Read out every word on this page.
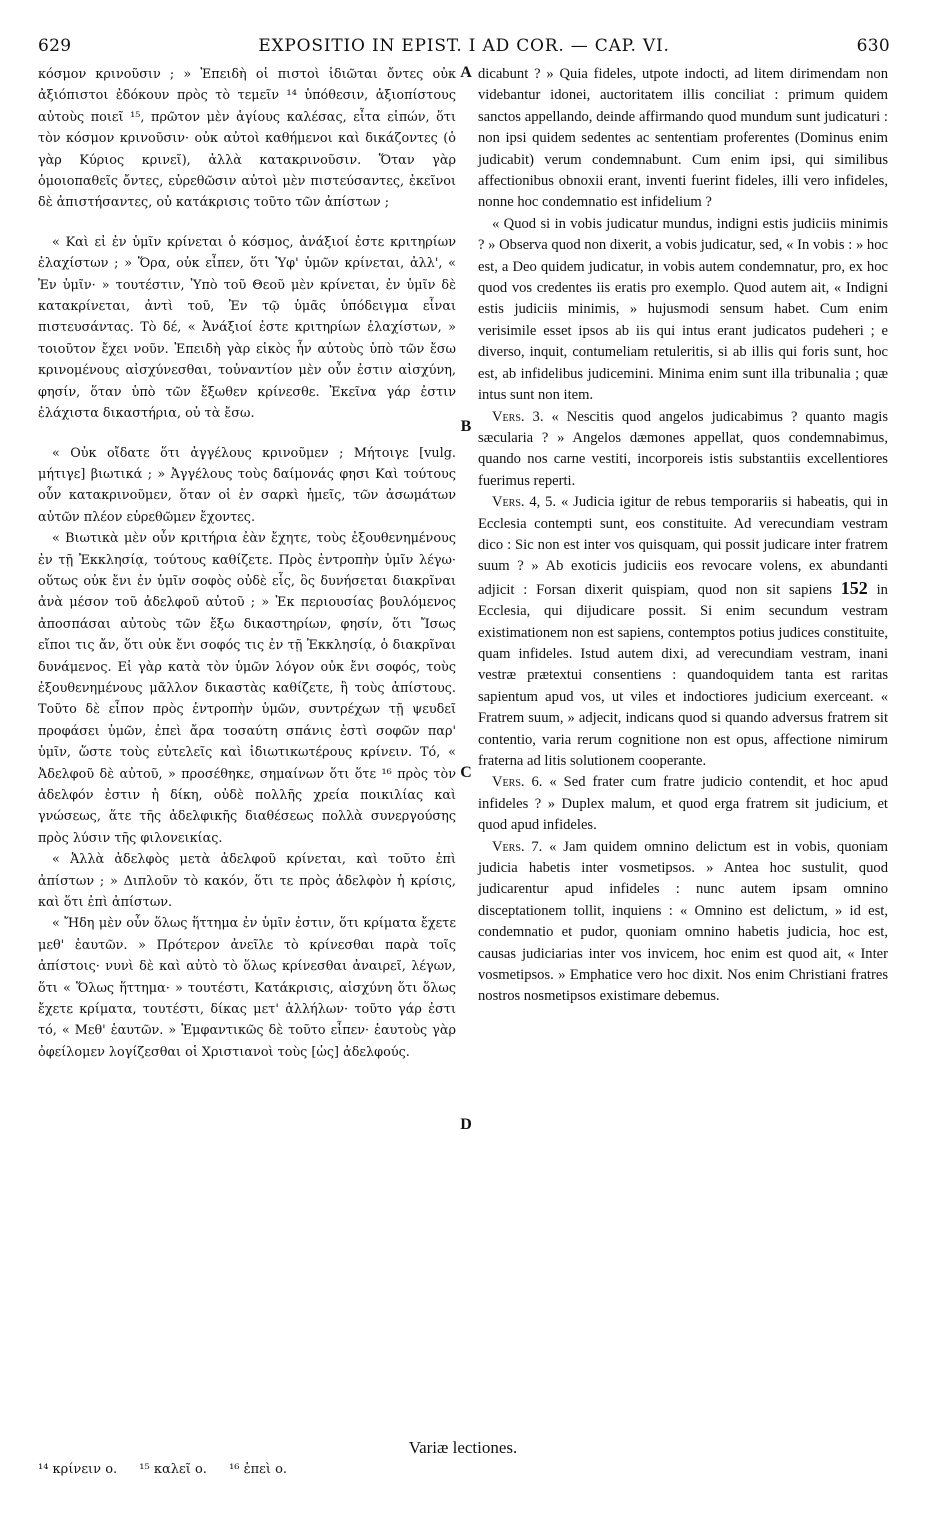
629	EXPOSITIO IN EPIST. I AD COR. — CAP. VI.	630

κόσμον κρινοῦσιν ; » Ἐπειδὴ οἱ πιστοὶ ἰδιῶται ὄντες οὐκ ἀξιόπιστοι ἐδόκουν πρὸς τὸ τεμεῖν ¹⁴ ὑπόθεσιν, ἀξιοπίστους αὐτοὺς ποιεῖ ¹⁵, πρῶτον μὲν ἁγίους καλέσας, εἶτα εἰπών, ὅτι τὸν κόσμον κρινοῦσιν· οὐκ αὐτοὶ καθήμενοι καὶ δικάζοντες (ὁ γὰρ Κύριος κρινεῖ), ἀλλὰ κατακρινοῦσιν. Ὅταν γὰρ ὁμοιοπαθεῖς ὄντες, εὑρεθῶσιν αὐτοὶ μὲν πιστεύσαντες, ἐκεῖνοι δὲ ἀπιστήσαντες, οὐ κατάκρισις τοῦτο τῶν ἀπίστων ;

« Καὶ εἰ ἐν ὑμῖν κρίνεται ὁ κόσμος, ἀνάξιοί ἐστε κριτηρίων ἐλαχίστων ; » Ὅρα, οὐκ εἶπεν, ὅτι Ὑφ' ὑμῶν κρίνεται, ἀλλ', « Ἐν ὑμῖν· » τουτέστιν, Ὑπὸ τοῦ Θεοῦ μὲν κρίνεται, ἐν ὑμῖν δὲ κατακρίνεται, ἀντὶ τοῦ, Ἐν τῷ ὑμᾶς ὑπόδειγμα εἶναι πιστευσάντας. Τὸ δέ, « Ἀνάξιοί ἐστε κριτηρίων ἐλαχίστων, » τοιοῦτον ἔχει νοῦν. Ἐπειδὴ γὰρ εἰκὸς ἦν αὐτοὺς ὑπὸ τῶν ἔσω κρινομένους αἰσχύνεσθαι, τοὐναντίον μὲν οὖν ἐστιν αἰσχύνη, φησίν, ὅταν ὑπὸ τῶν ἔξωθεν κρίνεσθε. Ἐκεῖνα γάρ ἐστιν ἐλάχιστα δικαστήρια, οὐ τὰ ἔσω.

« Οὐκ οἴδατε ὅτι ἀγγέλους κρινοῦμεν ; Μήτοιγε [vulg. μήτιγε] βιωτικά ; » Ἀγγέλους τοὺς δαίμονάς φησι Καὶ τούτους οὖν κατακρινοῦμεν, ὅταν οἱ ἐν σαρκὶ ἡμεῖς, τῶν ἀσωμάτων αὐτῶν πλέον εὑρεθῶμεν ἔχοντες.

« Βιωτικὰ μὲν οὖν κριτήρια ἐὰν ἔχητε, τοὺς ἐξουθενημένους ἐν τῇ Ἐκκλησίᾳ, τούτους καθίζετε. Πρὸς ἐντροπὴν ὑμῖν λέγω· οὕτως οὐκ ἔνι ἐν ὑμῖν σοφὸς οὐδὲ εἷς, ὃς δυνήσεται διακρῖναι ἀνὰ μέσον τοῦ ἀδελφοῦ αὐτοῦ ; » Ἐκ περιουσίας βουλόμενος ἀποσπάσαι αὐτοὺς τῶν ἔξω δικαστηρίων, φησίν, ὅτι Ἴσως εἴποι τις ἄν, ὅτι οὐκ ἔνι σοφός τις ἐν τῇ Ἐκκλησίᾳ, ὁ διακρῖναι δυνάμενος. Εἰ γὰρ κατὰ τὸν ὑμῶν λόγον οὐκ ἔνι σοφός, τοὺς ἐξουθενημένους μᾶλλον δικαστὰς καθίζετε, ἢ τοὺς ἀπίστους. Τοῦτο δὲ εἶπον πρὸς ἐντροπὴν ὑμῶν, συντρέχων τῇ ψευδεῖ προφάσει ὑμῶν, ἐπεὶ ἄρα τοσαύτη σπάνις ἐστὶ σοφῶν παρ' ὑμῖν, ὥστε τοὺς εὐτελεῖς καὶ ἰδιωτικωτέρους κρίνειν. Τό, « Ἀδελφοῦ δὲ αὐτοῦ, » προσέθηκε, σημαίνων ὅτι ὅτε ¹⁶ πρὸς τὸν ἀδελφόν ἐστιν ἡ δίκη, οὐδὲ πολλῆς χρεία ποικιλίας καὶ γνώσεως, ἅτε τῆς ἀδελφικῆς διαθέσεως πολλὰ συνεργούσης πρὸς λύσιν τῆς φιλονεικίας.

« Ἀλλὰ ἀδελφὸς μετὰ ἀδελφοῦ κρίνεται, καὶ τοῦτο ἐπὶ ἀπίστων ; » Διπλοῦν τὸ κακόν, ὅτι τε πρὸς ἀδελφὸν ἡ κρίσις, καὶ ὅτι ἐπὶ ἀπίστων.

« Ἤδη μὲν οὖν ὅλως ἥττημα ἐν ὑμῖν ἐστιν, ὅτι κρίματα ἔχετε μεθ' ἑαυτῶν. » Πρότερον ἀνεῖλε τὸ κρίνεσθαι παρὰ τοῖς ἀπίστοις· νυνὶ δὲ καὶ αὐτὸ τὸ ὅλως κρίνεσθαι ἀναιρεῖ, λέγων, ὅτι « Ὅλως ἥττημα· » τουτέστι, Κατάκρισις, αἰσχύνη ὅτι ὅλως ἔχετε κρίματα, τουτέστι, δίκας μετ' ἀλλήλων· τοῦτο γάρ ἐστι τό, « Μεθ' ἑαυτῶν. » Ἐμφαντικῶς δὲ τοῦτο εἶπεν· ἑαυτοὺς γὰρ ὀφείλομεν λογίζεσθαι οἱ Χριστιανοὶ τοὺς [ὡς] ἀδελφούς.

A
B
C
D

dicabunt ? » Quia fideles, utpote indocti, ad litem dirimendam non videbantur idonei, auctoritatem illis conciliat : primum quidem sanctos appellando, deinde affirmando quod mundum sunt judicaturi : non ipsi quidem sedentes ac sententiam proferentes (Dominus enim judicabit) verum condemnabunt. Cum enim ipsi, qui similibus affectionibus obnoxii erant, inventi fuerint fideles, illi vero infideles, nonne hoc condemnatio est infidelium ?

« Quod si in vobis judicatur mundus, indigni estis judiciis minimis ? » Observa quod non dixerit, a vobis judicatur, sed, « In vobis : » hoc est, a Deo quidem judicatur, in vobis autem condemnatur, pro, ex hoc quod vos credentes iis eratis pro exemplo. Quod autem ait, « Indigni estis judiciis minimis, » hujusmodi sensum habet. Cum enim verisimile esset ipsos ab iis qui intus erant judicatos pudeheri ; e diverso, inquit, contumeliam retuleritis, si ab illis qui foris sunt, hoc est, ab infidelibus judicemini. Minima enim sunt illa tribunalia ; quæ intus sunt non item.

Vers. 3. « Nescitis quod angelos judicabimus ? quanto magis sæcularia ? » Angelos dæmones appellat, quos condemnabimus, quando nos carne vestiti, incorporeis istis substantiis excellentiores fuerimus reperti.

Vers. 4, 5. « Judicia igitur de rebus temporariis si habeatis, qui in Ecclesia contempti sunt, eos constituite. Ad verecundiam vestram dico : Sic non est inter vos quisquam, qui possit judicare inter fratrem suum ? » Ab exoticis judiciis eos revocare volens, ex abundanti adjicit : Forsan dixerit quispiam, quod non sit sapiens 152 in Ecclesia, qui dijudicare possit. Si enim secundum vestram existimationem non est sapiens, contemptos potius judices constituite, quam infideles. Istud autem dixi, ad verecundiam vestram, inani vestræ prætextui consentiens : quandoquidem tanta est raritas sapientum apud vos, ut viles et indoctiores judicium exerceant. « Fratrem suum, » adjecit, indicans quod si quando adversus fratrem sit contentio, varia rerum cognitione non est opus, affectione nimirum fraterna ad litis solutionem cooperante.

Vers. 6. « Sed frater cum fratre judicio contendit, et hoc apud infideles ? » Duplex malum, et quod erga fratrem sit judicium, et quod apud infideles.

Vers. 7. « Jam quidem omnino delictum est in vobis, quoniam judicia habetis inter vosmetipsos. » Antea hoc sustulit, quod judicarentur apud infideles : nunc autem ipsam omnino disceptationem tollit, inquiens : « Omnino est delictum, » id est, condemnatio et pudor, quoniam omnino habetis judicia, hoc est, causas judiciarias inter vos invicem, hoc enim est quod ait, « Inter vosmetipsos. » Emphatice vero hoc dixit. Nos enim Christiani fratres nostros nosmetipsos existimare debemus.

Variæ lectiones.
¹⁴ κρίνειν ο. ¹⁵ καλεῖ ο. ¹⁶ ἐπεὶ ο.
